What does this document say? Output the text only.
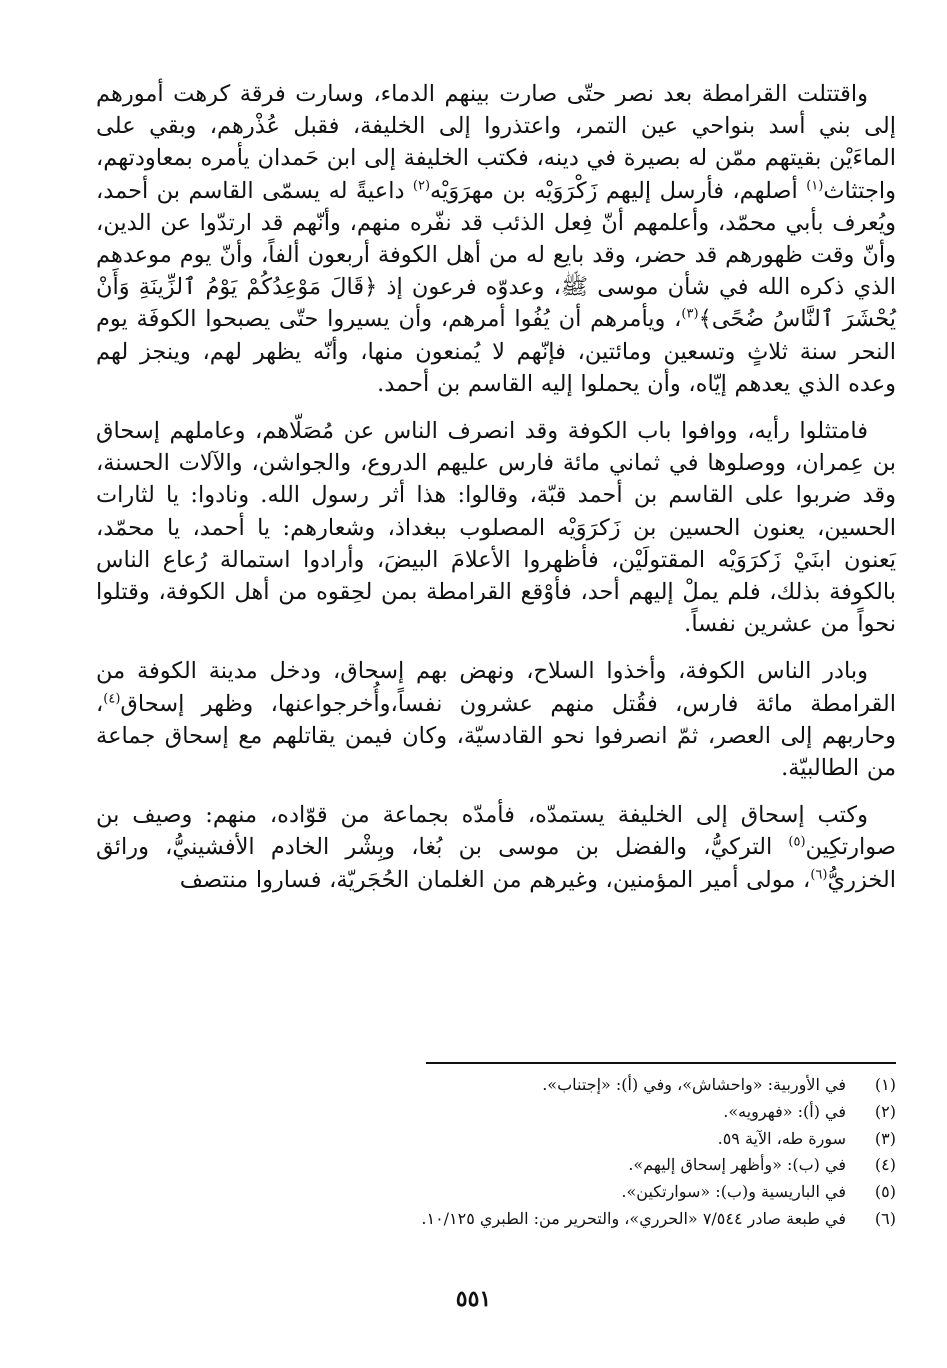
واقتتلت القرامطة بعد نصر حتّى صارت بينهم الدماء، وسارت فرقة كرهت أمورهم إلى بني أسد بنواحي عين التمر، واعتذروا إلى الخليفة، فقبل عُذْرهم، وبقي على الماءَيْن بقيتهم ممّن له بصيرة في دينه، فكتب الخليفة إلى ابن حَمدان يأمره بمعاودتهم، واجتثاث$^{(١)}$ أصلهم، فأرسل إليهم زَكْرَوَيْه بن مهرَوَيْه$^{(٢)}$ داعيةً له يسمّى القاسم بن أحمد، ويُعرف بأبي محمّد، وأعلمهم أنّ فِعل الذئب قد نفّره منهم، وأنّهم قد ارتدّوا عن الدين، وأنّ وقت ظهورهم قد حضر، وقد بايع له من أهل الكوفة أربعون ألفاً، وأنّ يوم موعدهم الذي ذكره الله في شأن موسى ﷺ، وعدوّه فرعون إذ ﴿قَالَ مَوْعِدُكُمْ يَوْمُ ٱلزِّينَةِ وَأَنْ يُحْشَرَ ٱلنَّاسُ ضُحًى﴾$^{(٣)}$، ويأمرهم أن يُفُوا أمرهم، وأن يسيروا حتّى يصبحوا الكوفَة يوم النحر سنة ثلاثٍ وتسعين ومائتين، فإنّهم لا يُمنعون منها، وأنّه يظهر لهم، وينجز لهم وعده الذي يعدهم إيّاه، وأن يحملوا إليه القاسم بن أحمد.

فامتثلوا رأيه، ووافوا باب الكوفة وقد انصرف الناس عن مُصَلّاهم، وعاملهم إسحاق بن عِمران، ووصلوها في ثماني مائة فارس عليهم الدروع، والجواشن، والآلات الحسنة، وقد ضربوا على القاسم بن أحمد قبّة، وقالوا: هذا أثر رسول الله. ونادوا: يا لثارات الحسين، يعنون الحسين بن زَكرَوَيْه المصلوب ببغداذ، وشعارهم: يا أحمد، يا محمّد، يَعنون ابنَيْ زَكرَوَيْه المقتولَيْن، فأظهروا الأعلامَ البيضَ، وأرادوا استمالة رُعاع الناس بالكوفة بذلك، فلم يملْ إليهم أحد، فأوْقع القرامطة بمن لحِقوه من أهل الكوفة، وقتلوا نحواً من عشرين نفساً.

وبادر الناس الكوفة، وأخذوا السلاح، ونهض بهم إسحاق، ودخل مدينة الكوفة من القرامطة مائة فارس، فقُتل منهم عشرون نفساً،وأُخرجواعنها، وظهر إسحاق$^{(٤)}$، وحاربهم إلى العصر، ثمّ انصرفوا نحو القادسيّة، وكان فيمن يقاتلهم مع إسحاق جماعة من الطالبيّة.

وكتب إسحاق إلى الخليفة يستمدّه، فأمدّه بجماعة من قوّاده، منهم: وصيف بن صوارتكِين$^{(٥)}$ التركيُّ، والفضل بن موسى بن بُغا، وبِشْر الخادم الأفشينيُّ، ورائق الخزريُّ$^{(٦)}$، مولى أمير المؤمنين، وغيرهم من الغلمان الحُجَريّة، فساروا منتصف

(١)
في الأوربية: «واحشاش»، وفي (أ): «إجتناب».
(٢)
في (أ): «فهرويه».
(٣)
سورة طه، الآية ٥٩.
(٤)
في (ب): «وأظهر إسحاق إليهم».
(٥)
في الباريسية و(ب): «سوارتكين».
(٦)
في طبعة صادر ٧/٥٤٤ «الحرري»، والتحرير من: الطبري ١٠/١٢٥.
٥٥١
